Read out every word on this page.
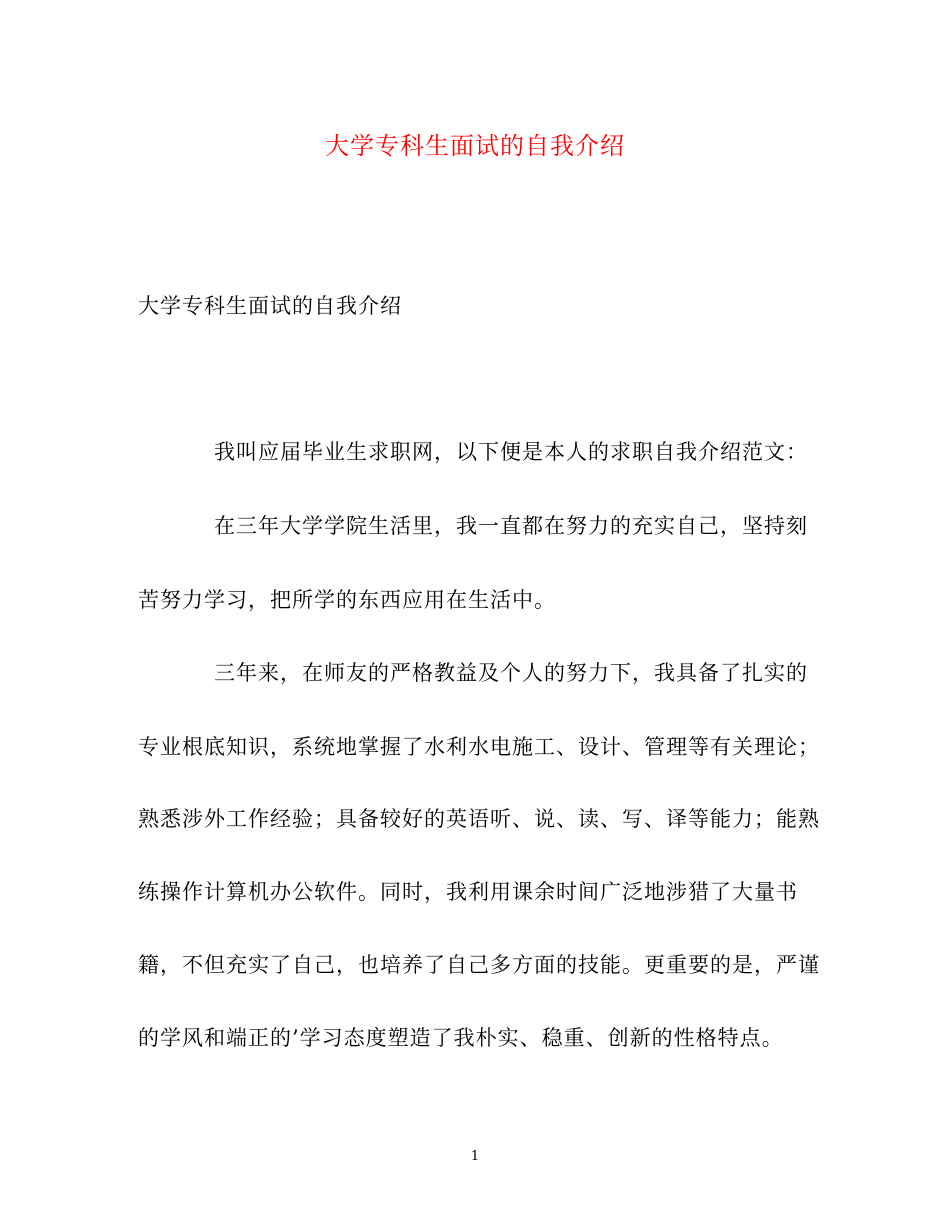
大学专科生面试的自我介绍
大学专科生面试的自我介绍
我叫应届毕业生求职网，以下便是本人的求职自我介绍范文：
在三年大学学院生活里，我一直都在努力的充实自己，坚持刻
苦努力学习，把所学的东西应用在生活中。
三年来，在师友的严格教益及个人的努力下，我具备了扎实的
专业根底知识，系统地掌握了水利水电施工、设计、管理等有关理论；
熟悉涉外工作经验；具备较好的英语听、说、读、写、译等能力；能熟
练操作计算机办公软件。同时，我利用课余时间广泛地涉猎了大量书
籍，不但充实了自己，也培养了自己多方面的技能。更重要的是，严谨
的学风和端正的’学习态度塑造了我朴实、稳重、创新的性格特点。
1
